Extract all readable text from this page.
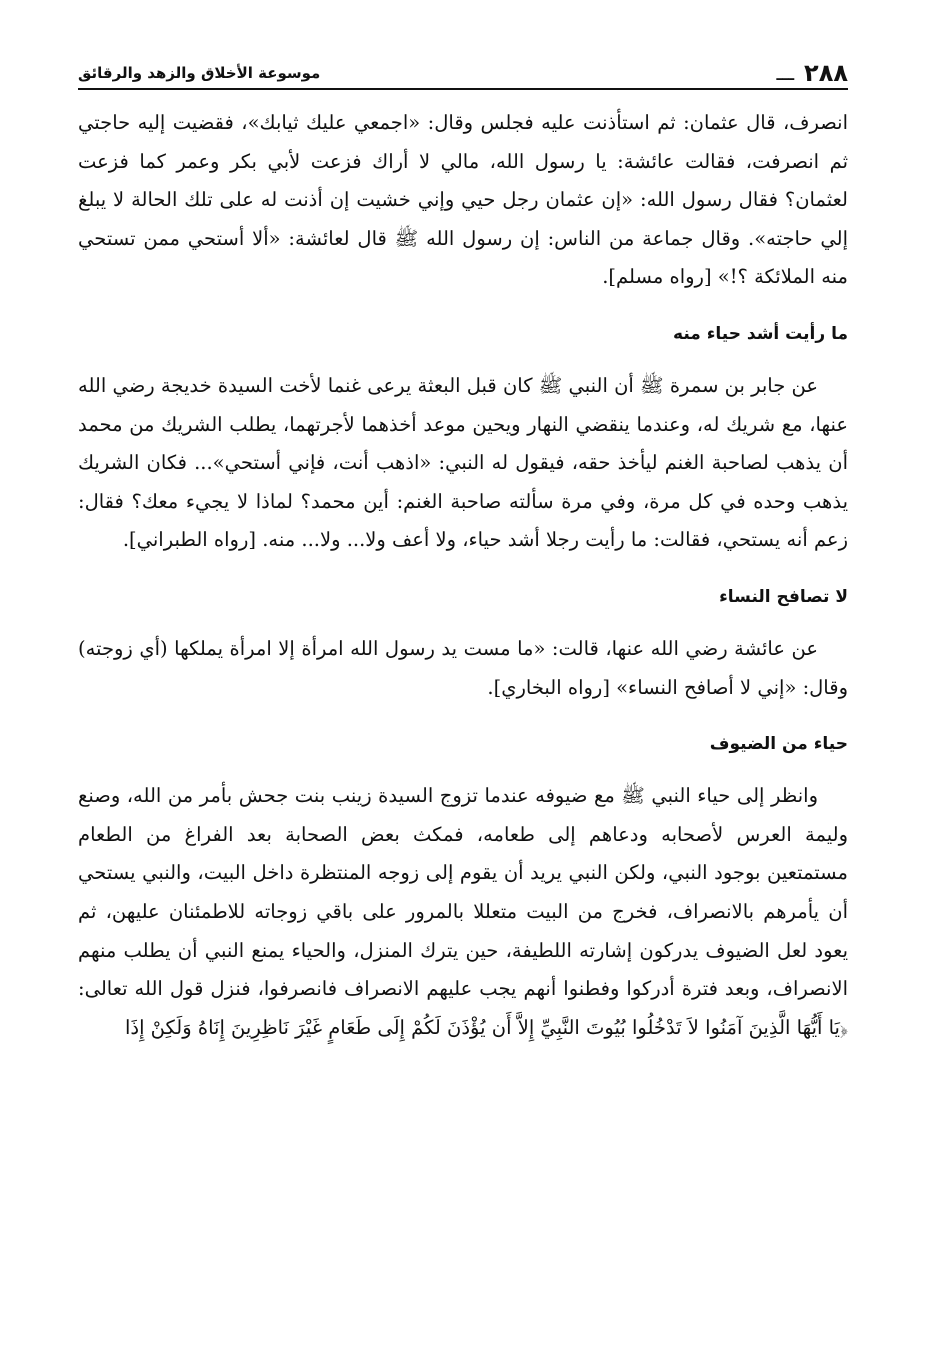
٢٨٨
ـــ
موسوعة الأخلاق والزهد والرقائق

انصرف، قال عثمان: ثم استأذنت عليه فجلس وقال: «اجمعي عليك ثيابك»، فقضيت إليه حاجتي ثم انصرفت، فقالت عائشة: يا رسول الله، مالي لا أراك فزعت لأبي بكر وعمر كما فزعت لعثمان؟ فقال رسول الله: «إن عثمان رجل حيي وإني خشيت إن أذنت له على تلك الحالة لا يبلغ إلي حاجته». وقال جماعة من الناس: إن رسول الله ﷺ قال لعائشة: «ألا أستحي ممن تستحي منه الملائكة ؟!» [رواه مسلم].

ما رأيت أشد حياء منه

عن جابر بن سمرة ﷺ أن النبي ﷺ كان قبل البعثة يرعى غنما لأخت السيدة خديجة رضي الله عنها، مع شريك له، وعندما ينقضي النهار ويحين موعد أخذهما لأجرتهما، يطلب الشريك من محمد أن يذهب لصاحبة الغنم ليأخذ حقه، فيقول له النبي: «اذهب أنت، فإني أستحي»... فكان الشريك يذهب وحده في كل مرة، وفي مرة سألته صاحبة الغنم: أين محمد؟ لماذا لا يجيء معك؟ فقال: زعم أنه يستحي، فقالت: ما رأيت رجلا أشد حياء، ولا أعف ولا... ولا... منه. [رواه الطبراني].

لا تصافح النساء

عن عائشة رضي الله عنها، قالت: «ما مست يد رسول الله امرأة إلا امرأة يملكها (أي زوجته) وقال: «إني لا أصافح النساء» [رواه البخاري].

حياء من الضيوف

وانظر إلى حياء النبي ﷺ مع ضيوفه عندما تزوج السيدة زينب بنت جحش بأمر من الله، وصنع وليمة العرس لأصحابه ودعاهم إلى طعامه، فمكث بعض الصحابة بعد الفراغ من الطعام مستمتعين بوجود النبي، ولكن النبي يريد أن يقوم إلى زوجه المنتظرة داخل البيت، والنبي يستحي أن يأمرهم بالانصراف، فخرج من البيت متعللا بالمرور على باقي زوجاته للاطمئنان عليهن، ثم يعود لعل الضيوف يدركون إشارته اللطيفة، حين يترك المنزل، والحياء يمنع النبي أن يطلب منهم الانصراف، وبعد فترة أدركوا وفطنوا أنهم يجب عليهم الانصراف فانصرفوا، فنزل قول الله تعالى: ﴿يَا أَيُّهَا الَّذِينَ آمَنُوا لاَ تَدْخُلُوا بُيُوتَ النَّبِيِّ إِلاَّ أَن يُؤْذَنَ لَكُمْ إِلَى طَعَامٍ غَيْرَ نَاظِرِينَ إِنَاهُ وَلَكِنْ إِذَا
